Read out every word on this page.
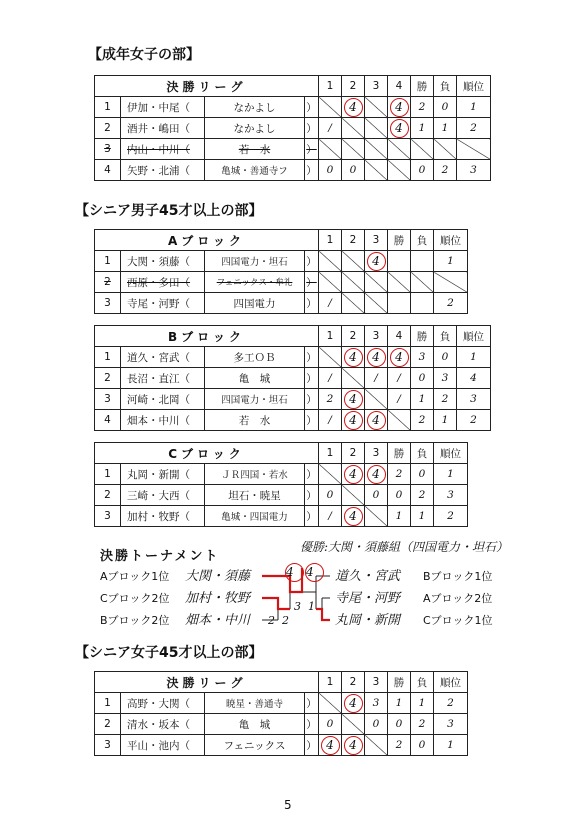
【成年女子の部】
決勝リーグ				1	2	3	4	勝	負	順位
1	伊加・中尾（	なかよし	）		4		4	2	0	1
2	酒井・嶋田（	なかよし	）	/			4	1	1	2
3	内山・中川（	若　水	）							
4	矢野・北浦（	亀城・善通寺フ	）	0	0			0	2	3
【シニア男子45才以上の部】
Aブロック				1	2	3	勝	負	順位
1	大関・須藤（	四国電力・坦石	）			4			1
2	西原・多田（	フェニックス・牟礼	）						
3	寺尾・河野（	四国電力	）	/					2
Bブロック				1	2	3	4	勝	負	順位
1	道久・宮武（	多工ＯＢ	）		4	4	4	3	0	1
2	長沼・直江（	亀　城	）	/		/	/	0	3	4
3	河崎・北岡（	四国電力・坦石	）	2	4		/	1	2	3
4	畑本・中川（	若　水	）	/	4	4		2	1	2
Cブロック				1	2	3	勝	負	順位
1	丸岡・新開（	ＪＲ四国・若水	）		4	4	2	0	1
2	三崎・大西（	坦石・暁星	）	0		0	0	2	3
3	加村・牧野（	亀城・四国電力	）	/	4		1	1	2
決勝トーナメント
優勝:大関・須藤組（四国電力・坦石）
Aブロック1位
Cブロック2位
Bブロック2位
大関・須藤
加村・牧野
畑本・中川
Bブロック1位
Aブロック2位
Cブロック1位
道久・宮武
寺尾・河野
丸岡・新開
4	4
3 1
2 2
【シニア女子45才以上の部】
決勝リーグ				1	2	3	勝	負	順位
1	高野・大関（	暁星・善通寺	）		4	3	1	1	2
2	清水・坂本（	亀　城	）	0		0	0	2	3
3	平山・池内（	フェニックス	）	4	4		2	0	1
5
